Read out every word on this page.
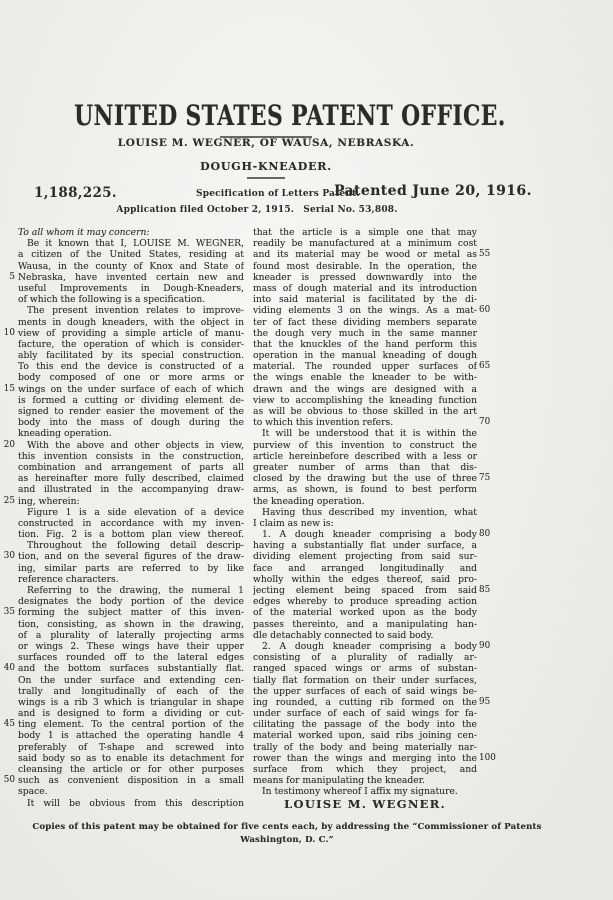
UNITED STATES PATENT OFFICE.
LOUISE M. WEGNER, OF WAUSA, NEBRASKA.
DOUGH-KNEADER.
1,188,225.	Specification of Letters Patent.
Patented June 20, 1916.
Application filed October 2, 1915. Serial No. 53,808.
To all whom it may concern:
Be it known that I, LOUISE M. WEGNER,
a citizen of the United States, residing at
Wausa, in the county of Knox and State of
5 Nebraska, have invented certain new and
useful Improvements in Dough-Kneaders,
of which the following is a specification.
The present invention relates to improve-
ments in dough kneaders, with the object in
10 view of providing a simple article of manu-
facture, the operation of which is consider-
ably facilitated by its special construction.
To this end the device is constructed of a
body composed of one or more arms or
15 wings on the under surface of each of which
is formed a cutting or dividing element de-
signed to render easier the movement of the
body into the mass of dough during the
kneading operation.
20	With the above and other objects in view,
this invention consists in the construction,
combination and arrangement of parts all
as hereinafter more fully described, claimed
and illustrated in the accompanying draw-
25 ing, wherein:
Figure 1 is a side elevation of a device
constructed in accordance with my inven-
tion. Fig. 2 is a bottom plan view thereof.
Throughout the following detail descrip-
30 tion, and on the several figures of the draw-
ing, similar parts are referred to by like
reference characters.
Referring to the drawing, the numeral 1
designates the body portion of the device
35 forming the subject matter of this inven-
tion, consisting, as shown in the drawing,
of a plurality of laterally projecting arms
or wings 2. These wings have their upper
surfaces rounded off to the lateral edges
40 and the bottom surfaces substantially flat.
On the under surface and extending cen-
trally and longitudinally of each of the
wings is a rib 3 which is triangular in shape
and is designed to form a dividing or cut-
45 ting element. To the central portion of the
body 1 is attached the operating handle 4
preferably of T-shape and screwed into
said body so as to enable its detachment for
cleansing the article or for other purposes
50 such as convenient disposition in a small
space.
It will be obvious from this description
that the article is a simple one that may
readily be manufactured at a minimum cost
55
and its material may be wood or metal as
found most desirable. In the operation, the
kneader is pressed downwardly into the
mass of dough material and its introduction
into said material is facilitated by the di-
60
viding elements 3 on the wings. As a mat-
ter of fact these dividing members separate
the dough very much in the same manner
that the knuckles of the hand perform this
operation in the manual kneading of dough
65
material. The rounded upper surfaces of
the wings enable the kneader to be with-
drawn and the wings are designed with a
view to accomplishing the kneading function
as will be obvious to those skilled in the art
70
to which this invention refers.
It will be understood that it is within the
purview of this invention to construct the
article hereinbefore described with a less or
greater number of arms than that dis-
75
closed by the drawing but the use of three
arms, as shown, is found to best perform
the kneading operation.
Having thus described my invention, what
I claim as new is:
80
1. A dough kneader comprising a body
having a substantially flat under surface, a
dividing element projecting from said sur-
face and arranged longitudinally and
wholly within the edges thereof, said pro-
85
jecting element being spaced from said
edges whereby to produce spreading action
of the material worked upon as the body
passes thereinto, and a manipulating han-
dle detachably connected to said body.
90
2. A dough kneader comprising a body
consisting of a plurality of radially ar-
ranged spaced wings or arms of substan-
tially flat formation on their under surfaces,
the upper surfaces of each of said wings be-
95
ing rounded, a cutting rib formed on the
under surface of each of said wings for fa-
cilitating the passage of the body into the
material worked upon, said ribs joining cen-
trally of the body and being materially nar-
100
rower than the wings and merging into the
surface from which they project, and
means for manipulating the kneader.
In testimony whereof I affix my signature.
LOUISE M. WEGNER.
Copies of this patent may be obtained for five cents each, by addressing the “Commissioner of Patents
Washington, D. C.”
